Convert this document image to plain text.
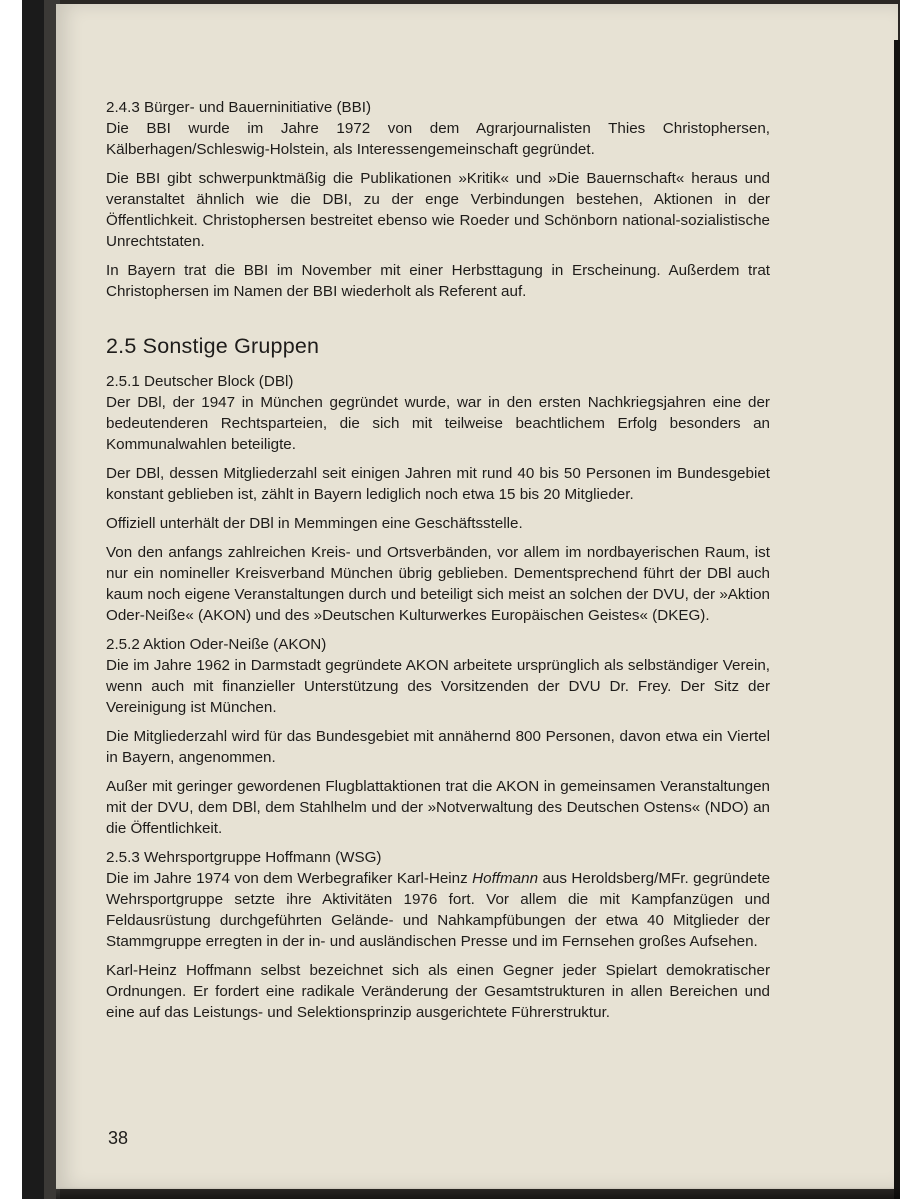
2.4.3 Bürger- und Bauerninitiative (BBI)

Die BBI wurde im Jahre 1972 von dem Agrarjournalisten Thies Christophersen, Kälberhagen/Schleswig-Holstein, als Interessengemeinschaft gegründet.

Die BBI gibt schwerpunktmäßig die Publikationen »Kritik« und »Die Bauernschaft« heraus und veranstaltet ähnlich wie die DBI, zu der enge Verbindungen bestehen, Aktionen in der Öffentlichkeit. Christophersen bestreitet ebenso wie Roeder und Schönborn national-sozialistische Unrechtstaten.

In Bayern trat die BBI im November mit einer Herbsttagung in Erscheinung. Außerdem trat Christophersen im Namen der BBI wiederholt als Referent auf.

2.5 Sonstige Gruppen
2.5.1 Deutscher Block (DBl)

Der DBl, der 1947 in München gegründet wurde, war in den ersten Nachkriegsjahren eine der bedeutenderen Rechtsparteien, die sich mit teilweise beachtlichem Erfolg besonders an Kommunalwahlen beteiligte.

Der DBl, dessen Mitgliederzahl seit einigen Jahren mit rund 40 bis 50 Personen im Bundesgebiet konstant geblieben ist, zählt in Bayern lediglich noch etwa 15 bis 20 Mitglieder.

Offiziell unterhält der DBl in Memmingen eine Geschäftsstelle.

Von den anfangs zahlreichen Kreis- und Ortsverbänden, vor allem im nordbayerischen Raum, ist nur ein nomineller Kreisverband München übrig geblieben. Dementsprechend führt der DBl auch kaum noch eigene Veranstaltungen durch und beteiligt sich meist an solchen der DVU, der »Aktion Oder-Neiße« (AKON) und des »Deutschen Kulturwerkes Europäischen Geistes« (DKEG).

2.5.2 Aktion Oder-Neiße (AKON)

Die im Jahre 1962 in Darmstadt gegründete AKON arbeitete ursprünglich als selbständiger Verein, wenn auch mit finanzieller Unterstützung des Vorsitzenden der DVU Dr. Frey. Der Sitz der Vereinigung ist München.

Die Mitgliederzahl wird für das Bundesgebiet mit annähernd 800 Personen, davon etwa ein Viertel in Bayern, angenommen.

Außer mit geringer gewordenen Flugblattaktionen trat die AKON in gemeinsamen Veranstaltungen mit der DVU, dem DBl, dem Stahlhelm und der »Notverwaltung des Deutschen Ostens« (NDO) an die Öffentlichkeit.

2.5.3 Wehrsportgruppe Hoffmann (WSG)

Die im Jahre 1974 von dem Werbegrafiker Karl-Heinz Hoffmann aus Heroldsberg/MFr. gegründete Wehrsportgruppe setzte ihre Aktivitäten 1976 fort. Vor allem die mit Kampfanzügen und Feldausrüstung durchgeführten Gelände- und Nahkampfübungen der etwa 40 Mitglieder der Stammgruppe erregten in der in- und ausländischen Presse und im Fernsehen großes Aufsehen.

Karl-Heinz Hoffmann selbst bezeichnet sich als einen Gegner jeder Spielart demokratischer Ordnungen. Er fordert eine radikale Veränderung der Gesamtstrukturen in allen Bereichen und eine auf das Leistungs- und Selektionsprinzip ausgerichtete Führerstruktur.

38
